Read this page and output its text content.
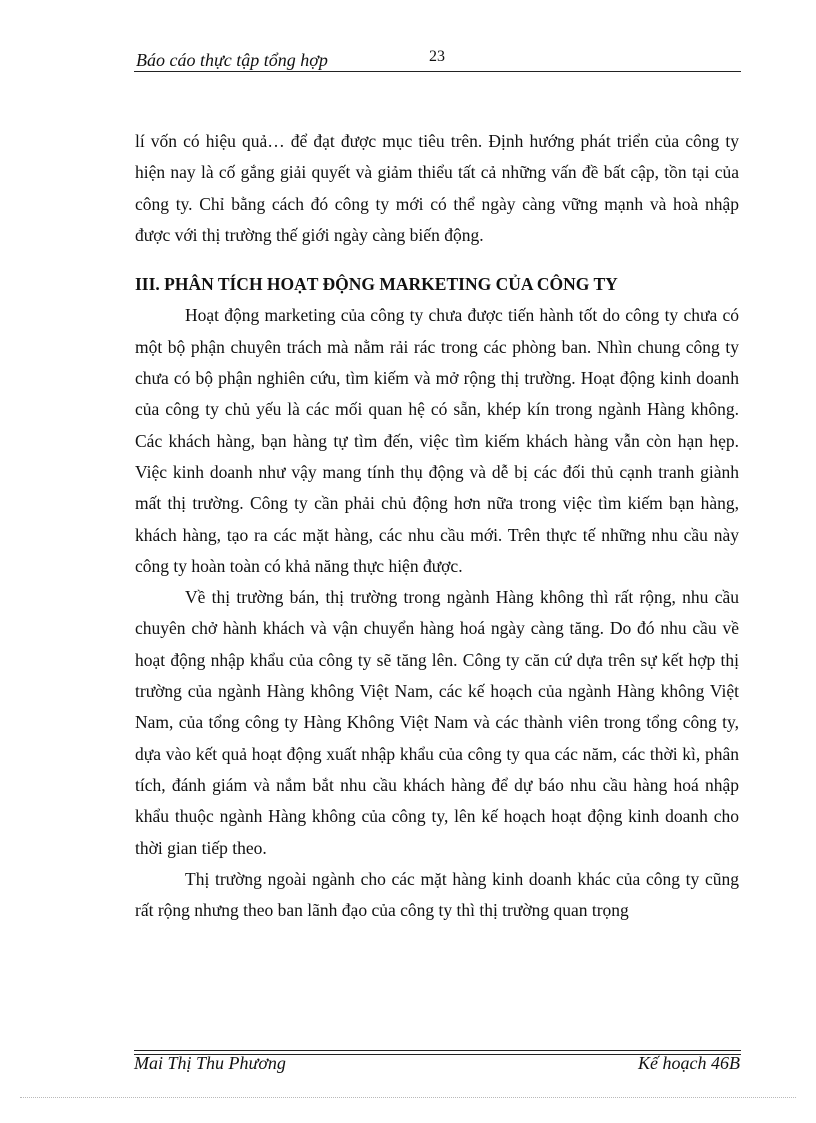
Báo cáo thực tập tổng hợp	23

lí vốn có hiệu quả… để đạt được mục tiêu trên. Định hướng phát triển của công ty hiện nay là cố gắng giải quyết và giảm thiểu tất cả những vấn đề bất cập, tồn tại của công ty. Chỉ bằng cách đó công ty mới có thể ngày càng vững mạnh và hoà nhập được với thị trường thế giới ngày càng biến động.

III. PHÂN TÍCH HOẠT ĐỘNG MARKETING CỦA CÔNG TY

Hoạt động marketing của công ty chưa được tiến hành tốt do công ty chưa có một bộ phận chuyên trách mà nằm rải rác trong các phòng ban. Nhìn chung công ty chưa có bộ phận nghiên cứu, tìm kiếm và mở rộng thị trường. Hoạt động kinh doanh của công ty chủ yếu là các mối quan hệ có sẵn, khép kín trong ngành Hàng không. Các khách hàng, bạn hàng tự tìm đến, việc tìm kiếm khách hàng vẫn còn hạn hẹp. Việc kinh doanh như vậy mang tính thụ động và dễ bị các đối thủ cạnh tranh giành mất thị trường. Công ty cần phải chủ động hơn nữa trong việc tìm kiếm bạn hàng, khách hàng, tạo ra các mặt hàng, các nhu cầu mới. Trên thực tế những nhu cầu này công ty hoàn toàn có khả năng thực hiện được.

Về thị trường bán, thị trường trong ngành Hàng không thì rất rộng, nhu cầu chuyên chở hành khách và vận chuyển hàng hoá ngày càng tăng. Do đó nhu cầu về hoạt động nhập khẩu của công ty sẽ tăng lên. Công ty căn cứ dựa trên sự kết hợp thị trường của ngành Hàng không Việt Nam, các kế hoạch của ngành Hàng không Việt Nam, của tổng công ty Hàng Không Việt Nam và các thành viên trong tổng công ty, dựa vào kết quả hoạt động xuất nhập khẩu của công ty qua các năm, các thời kì, phân tích, đánh giám và nắm bắt nhu cầu khách hàng để dự báo nhu cầu hàng hoá nhập khẩu thuộc ngành Hàng không của công ty, lên kế hoạch hoạt động kinh doanh cho thời gian tiếp theo.

Thị trường ngoài ngành cho các mặt hàng kinh doanh khác của công ty cũng rất rộng nhưng theo ban lãnh đạo của công ty thì thị trường quan trọng

Mai Thị Thu Phương	Kế hoạch 46B
